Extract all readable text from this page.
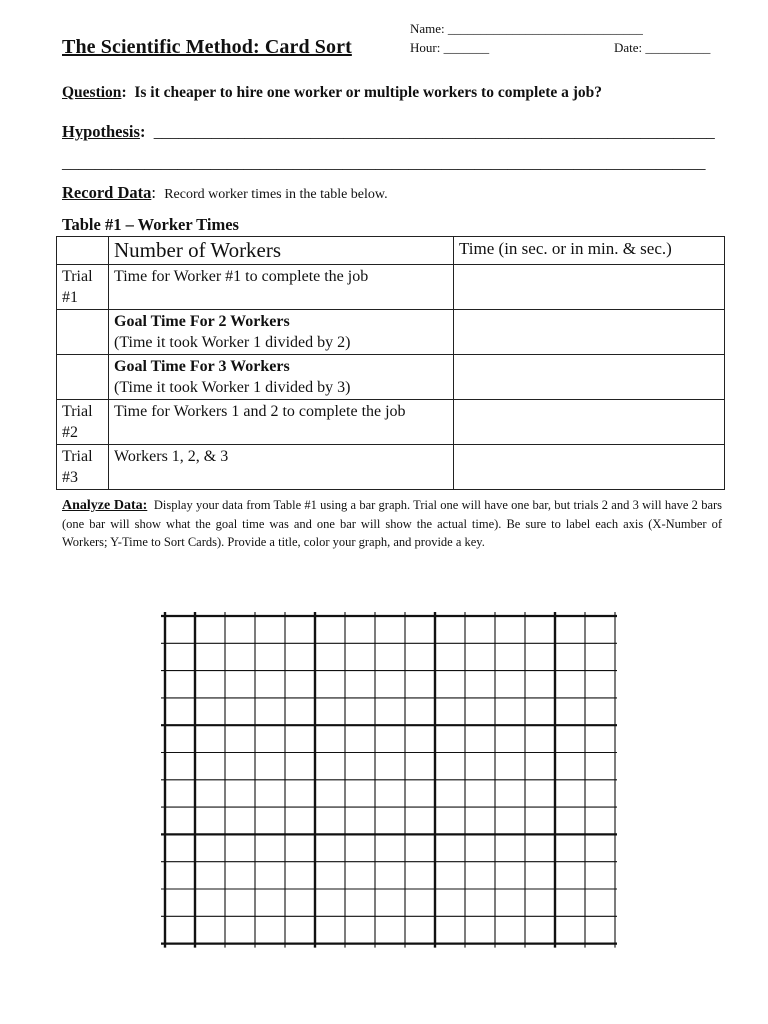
Name: ______________________________
Hour: _______	Date: __________
The Scientific Method: Card Sort
Question: Is it cheaper to hire one worker or multiple workers to complete a job?
Hypothesis: ____________________________________________________________________
______________________________________________________________________________
Record Data: Record worker times in the table below.
Table #1 – Worker Times
	Number of Workers	Time (in sec. or in min. & sec.)
Trial #1	Time for Worker #1 to complete the job	

	Goal Time For 2 Workers
(Time it took Worker 1 divided by 2)	

	Goal Time For 3 Workers
(Time it took Worker 1 divided by 3)	

Trial #2	Time for Workers 1 and 2 to complete the job	

Trial #3	Workers 1, 2, & 3	

Analyze Data: Display your data from Table #1 using a bar graph. Trial one will have one bar, but trials 2 and 3 will have 2 bars (one bar will show what the goal time was and one bar will show the actual time). Be sure to label each axis (X-Number of Workers; Y-Time to Sort Cards). Provide a title, color your graph, and provide a key.
